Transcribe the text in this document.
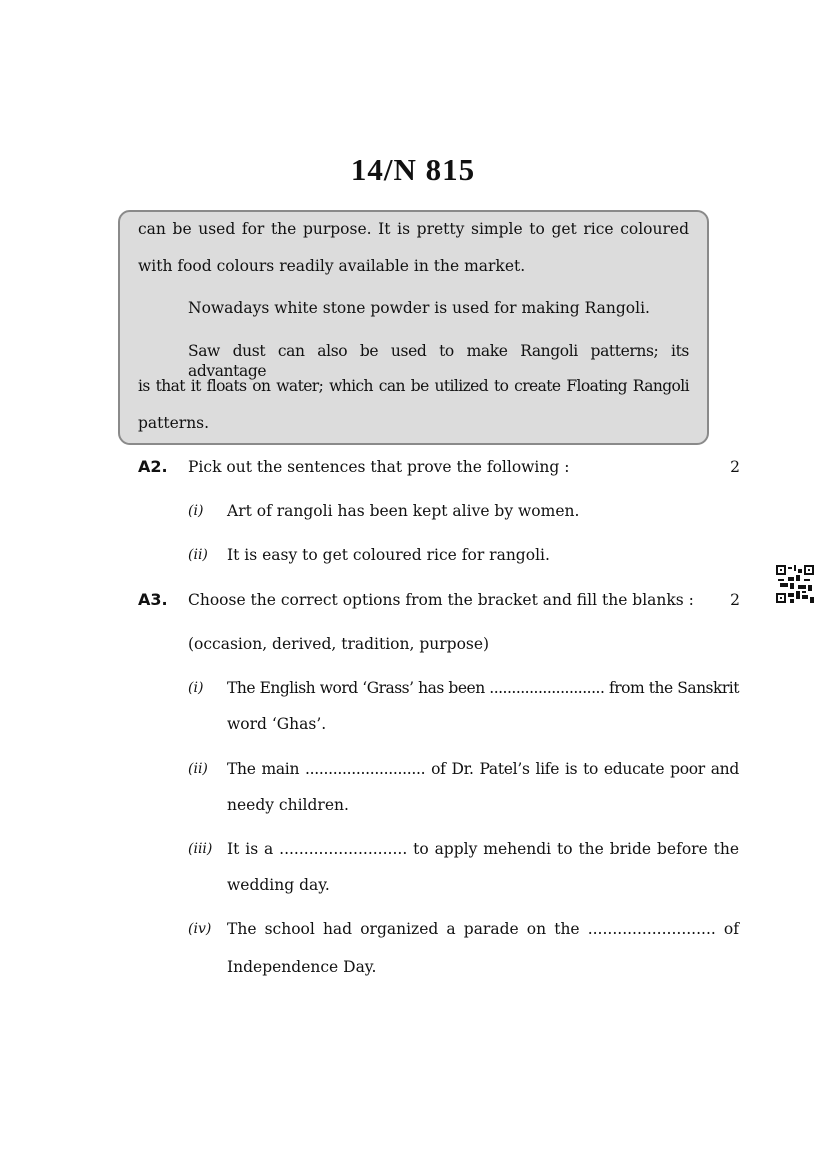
14/N 815
can be used for the purpose. It is pretty simple to get rice coloured
with food colours readily available in the market.
Nowadays white stone powder is used for making Rangoli.
Saw dust can also be used to make Rangoli patterns; its advantage
is that it floats on water; which can be utilized to create Floating Rangoli
patterns.
A2. Pick out the sentences that prove the following :	2
(i) Art of rangoli has been kept alive by women.
(ii) It is easy to get coloured rice for rangoli.
A3. Choose the correct options from the bracket and fill the blanks :	2
(occasion, derived, tradition, purpose)
(i) The English word ‘Grass’ has been .......................... from the Sanskrit
word ‘Ghas’.
(ii) The main .......................... of Dr. Patel’s life is to educate poor and
needy children.
(iii) It is a .......................... to apply mehendi to the bride before the
wedding day.
(iv) The school had organized a parade on the .......................... of
Independence Day.
